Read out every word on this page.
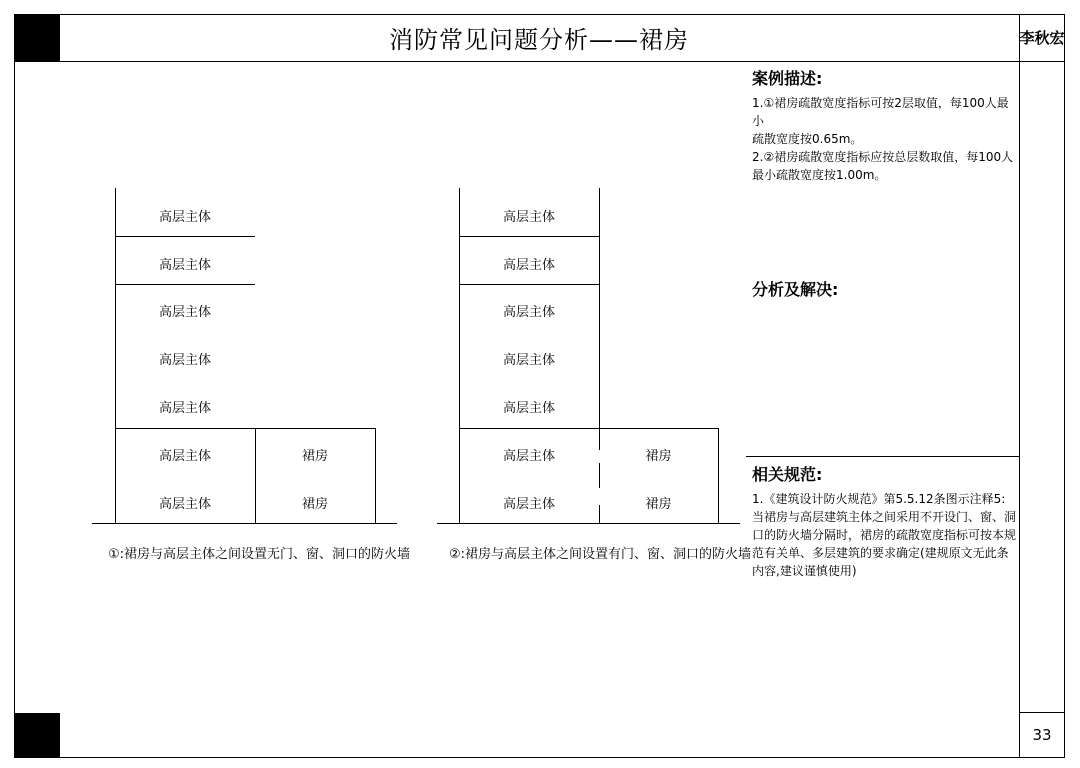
消防常见问题分析——裙房	李秋宏
33
高层主体
高层主体
高层主体
高层主体
高层主体
高层主体
高层主体
裙房
裙房
①:裙房与高层主体之间设置无门、窗、洞口的防火墙
高层主体
高层主体
高层主体
高层主体
高层主体
高层主体
高层主体
裙房
裙房
②:裙房与高层主体之间设置有门、窗、洞口的防火墙
案例描述:
1.①裙房疏散宽度指标可按2层取值，每100人最小
疏散宽度按0.65m。
2.②裙房疏散宽度指标应按总层数取值，每100人
最小疏散宽度按1.00m。
分析及解决:
相关规范:
1.《建筑设计防火规范》第5.5.12条图示注释5:
当裙房与高层建筑主体之间采用不开设门、窗、洞
口的防火墙分隔时，裙房的疏散宽度指标可按本规
范有关单、多层建筑的要求确定(建规原文无此条
内容,建议谨慎使用)
